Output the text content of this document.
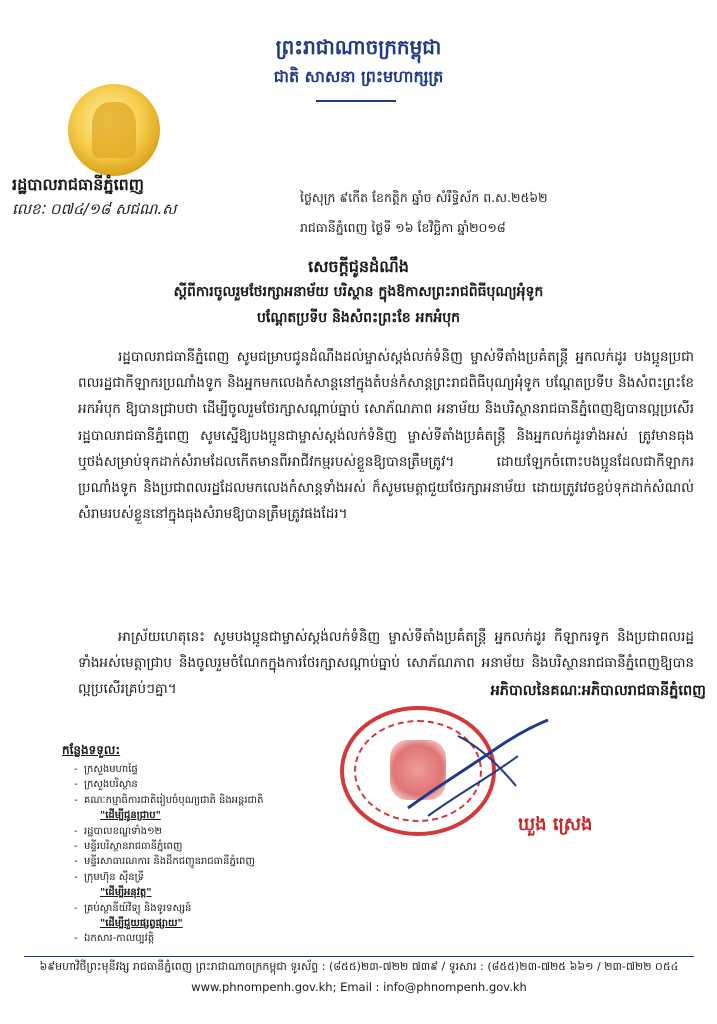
ព្រះរាជាណាចក្រកម្ពុជា
ជាតិ សាសនា ព្រះមហាក្សត្រ
រដ្ឋបាលរាជធានីភ្នំពេញ
លេខៈ ០៧៤/១៨ សជណ.ស
ថ្ងៃសុក្រ ៩កើត ខែកត្តិក ឆ្នាំច សំរឹទ្ធិស័ក ព.ស.២៥៦២
រាជធានីភ្នំពេញ ថ្ងៃទី ១៦ ខែវិច្ឆិកា ឆ្នាំ២០១៨
សេចក្តីជូនដំណឹង
ស្តីពីការចូលរួមថែរក្សាអនាម័យ បរិស្ថាន ក្នុងឱកាសព្រះរាជពិធីបុណ្យអុំទូក
បណ្តែតប្រទីប និងសំពះព្រះខែ អកអំបុក

រដ្ឋបាលរាជធានីភ្នំពេញ សូមជម្រាបជូនដំណឹងដល់ម្ចាស់ស្តង់លក់ទំនិញ ម្ចាស់ទីតាំងប្រគំតន្ត្រី អ្នកលក់ដូរ បងប្អូនប្រជាពលរដ្ឋជាកីឡាករប្រណាំងទូក និងអ្នកមកលេងកំសាន្តនៅក្នុងតំបន់កំសាន្តព្រះរាជពិធីបុណ្យអុំទូក បណ្តែតប្រទីប និងសំពះព្រះខែ អកអំបុក ឱ្យបានជ្រាបថា ដើម្បីចូលរួមថែរក្សាសណ្តាប់ធ្នាប់ សោភ័ណភាព អនាម័យ និងបរិស្ថានរាជធានីភ្នំពេញឱ្យបានល្អប្រសើរ រដ្ឋបាលរាជធានីភ្នំពេញ សូមស្នើឱ្យបងប្អូនជាម្ចាស់ស្តង់លក់ទំនិញ ម្ចាស់ទីតាំងប្រគំតន្ត្រី និងអ្នកលក់ដូរទាំងអស់ ត្រូវមានធុង ឬថង់សម្រាប់ទុកដាក់សំរាមដែលកើតមានពីអាជីវកម្មរបស់ខ្លួនឱ្យបានត្រឹមត្រូវ។ ដោយឡែកចំពោះបងប្អូនដែលជាកីឡាករប្រណាំងទូក និងប្រជាពលរដ្ឋដែលមកលេងកំសាន្តទាំងអស់ ក៏សូមមេត្តាជួយថែរក្សាអនាម័យ ដោយត្រូវវេចខ្ចប់ទុកដាក់សំណល់សំរាមរបស់ខ្លួននៅក្នុងធុងសំរាមឱ្យបានត្រឹមត្រូវផងដែរ។

អាស្រ័យហេតុនេះ សូមបងប្អូនជាម្ចាស់ស្តង់លក់ទំនិញ ម្ចាស់ទីតាំងប្រគំតន្ត្រី អ្នកលក់ដូរ កីឡាករទូក និងប្រជាពលរដ្ឋទាំងអស់មេត្តាជ្រាប និងចូលរួមចំណែកក្នុងការថែរក្សាសណ្តាប់ធ្នាប់ សោភ័ណភាព អនាម័យ និងបរិស្ថានរាជធានីភ្នំពេញឱ្យបានល្អប្រសើរគ្រប់ៗគ្នា។	អភិបាលនៃគណៈអភិបាលរាជធានីភ្នំពេញ
ឃួង ស្រេង
កន្លែងទទួល:
- ក្រសួងមហាផ្ទៃ
- ក្រសួងបរិស្ថាន
- គណៈកម្មាធិការជាតិរៀបចំបុណ្យជាតិ និងអន្តរជាតិ
"ដើម្បីជូនជ្រាប"
- រដ្ឋបាលខណ្ឌទាំង១២
- មន្ទីរបរិស្ថានរាជធានីភ្នំពេញ
- មន្ទីរសាធារណការ និងដឹកជញ្ជូនរាជធានីភ្នំពេញ
- ក្រុមហ៊ុន ស៊ីនទ្រី
"ដើម្បីអនុវត្ត"
- គ្រប់ស្ថានីយ៍វិទ្យុ និងទូរទស្សន៍
"ដើម្បីជួយផ្សព្វផ្សាយ"
- ឯកសារ-កាលប្បវត្តិ
៦៩មហាវិថីព្រះមុនីវង្ស រាជធានីភ្នំពេញ ព្រះរាជាណាចក្រកម្ពុជា ទូរស័ព្ទ : (៨៥៥)២៣-៧២២ ៧៣៩ / ទូរសារ : (៨៥៥)២៣-៧២៥ ៦៦១ / ២៣-៧២២ ០៥៤
www.phnompenh.gov.kh; Email : info@phnompenh.gov.kh
